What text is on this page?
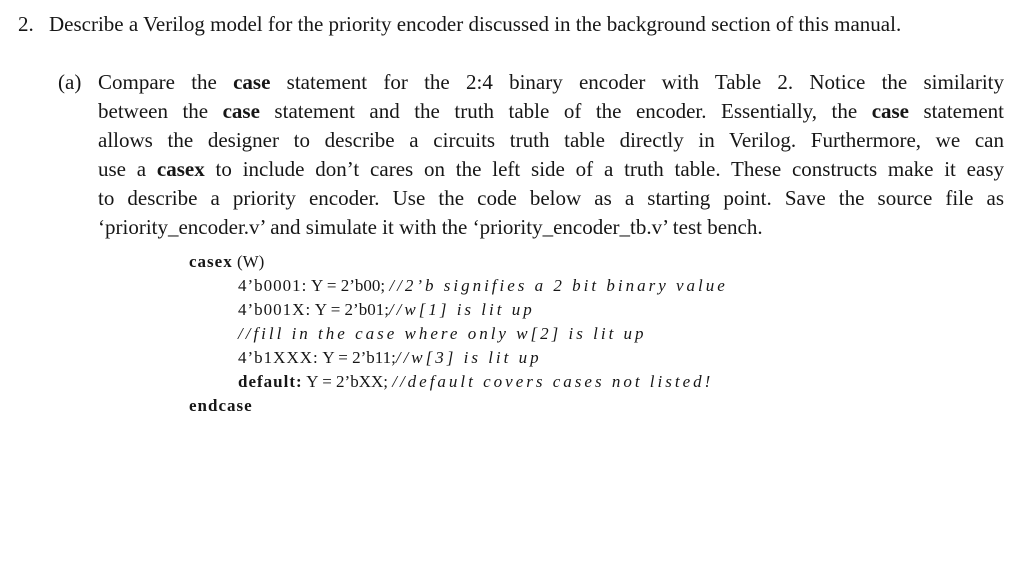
2. Describe a Verilog model for the priority encoder discussed in the background section of this manual.
(a) Compare the case statement for the 2:4 binary encoder with Table 2. Notice the similarity
between the case statement and the truth table of the encoder. Essentially, the case statement
allows the designer to describe a circuits truth table directly in Verilog. Furthermore, we can
use a casex to include don’t cares on the left side of a truth table. These constructs make it easy
to describe a priority encoder. Use the code below as a starting point. Save the source file as
‘priority_encoder.v’ and simulate it with the ‘priority_encoder_tb.v’ test bench.
casex (W)
4’b0001: Y = 2’b00; //2’b signifies a 2 bit binary value
4’b001X: Y = 2’b01;//w[1] is lit up
//fill in the case where only w[2] is lit up
4’b1XXX: Y = 2’b11;//w[3] is lit up
default: Y = 2’bXX; //default covers cases not listed!
endcase
